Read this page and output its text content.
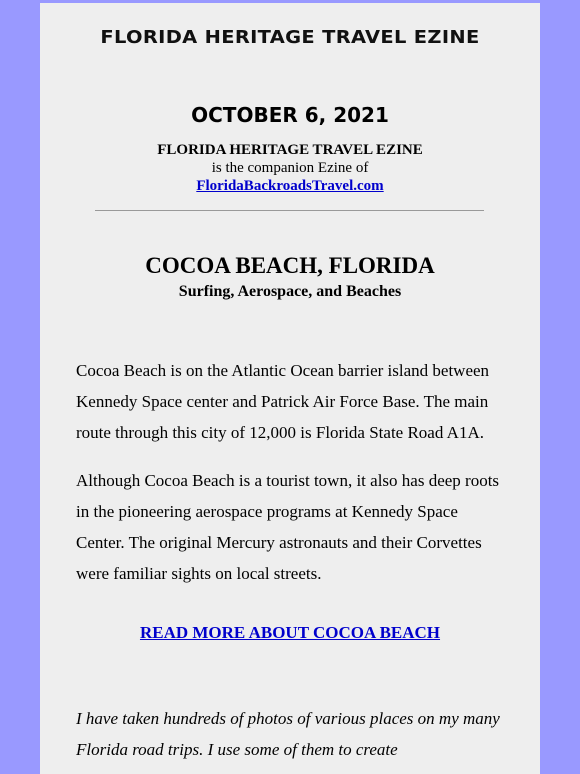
FLORIDA HERITAGE TRAVEL EZINE
OCTOBER 6, 2021
FLORIDA HERITAGE TRAVEL EZINE
is the companion Ezine of
FloridaBackroadsTravel.com
COCOA BEACH, FLORIDA
Surfing, Aerospace, and Beaches

Cocoa Beach is on the Atlantic Ocean barrier island between Kennedy Space center and Patrick Air Force Base. The main route through this city of 12,000 is Florida State Road A1A.

Although Cocoa Beach is a tourist town, it also has deep roots in the pioneering aerospace programs at Kennedy Space Center. The original Mercury astronauts and their Corvettes were familiar sights on local streets.

READ MORE ABOUT COCOA BEACH

I have taken hundreds of photos of various places on my many Florida road trips. I use some of them to create
